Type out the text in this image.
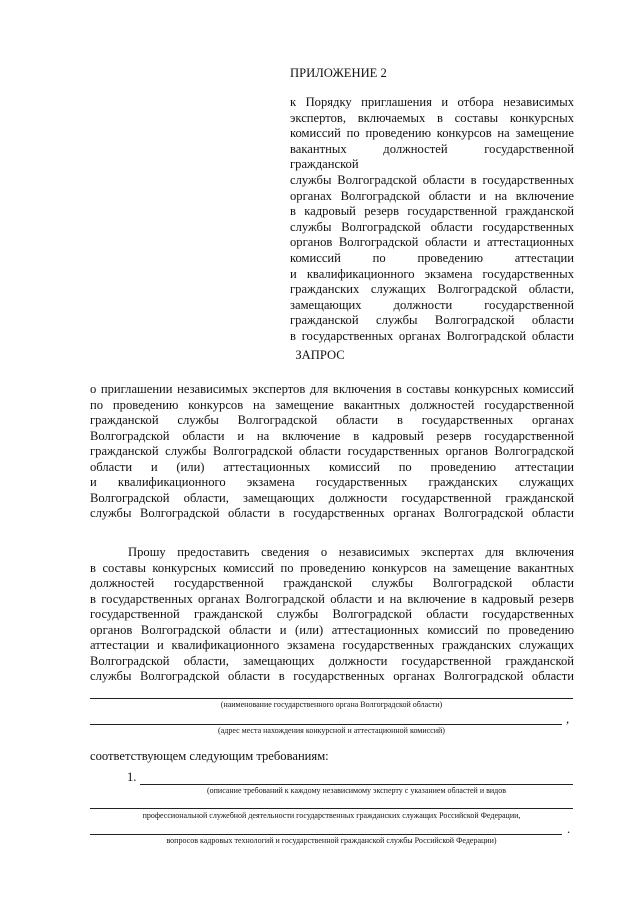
ПРИЛОЖЕНИЕ 2
к Порядку приглашения и отбора независимых
экспертов, включаемых в составы конкурсных
комиссий по проведению конкурсов на замещение
вакантных должностей государственной гражданской
службы Волгоградской области в государственных
органах Волгоградской области и на включение
в кадровый резерв государственной гражданской
службы Волгоградской области государственных
органов Волгоградской области и аттестационных
комиссий по проведению аттестации
и квалификационного экзамена государственных
гражданских служащих Волгоградской области,
замещающих должности государственной
гражданской службы Волгоградской области
в государственных органах Волгоградской области
ЗАПРОС
о приглашении независимых экспертов для включения в составы конкурсных комиссий
по проведению конкурсов на замещение вакантных должностей государственной
гражданской службы Волгоградской области в государственных органах
Волгоградской области и на включение в кадровый резерв государственной
гражданской службы Волгоградской области государственных органов Волгоградской
области и (или) аттестационных комиссий по проведению аттестации
и квалификационного экзамена государственных гражданских служащих
Волгоградской области, замещающих должности государственной гражданской
службы Волгоградской области в государственных органах Волгоградской области
Прошу предоставить сведения о независимых экспертах для включения
в составы конкурсных комиссий по проведению конкурсов на замещение вакантных
должностей государственной гражданской службы Волгоградской области
в государственных органах Волгоградской области и на включение в кадровый резерв
государственной гражданской службы Волгоградской области государственных
органов Волгоградской области и (или) аттестационных комиссий по проведению
аттестации и квалификационного экзамена государственных гражданских служащих
Волгоградской области, замещающих должности государственной гражданской
службы Волгоградской области в государственных органах Волгоградской области
(наименование государственного органа Волгоградской области)
,
(адрес места нахождения конкурсной и аттестационной комиссий)
соответствующем следующим требованиям:
1.
(описание требований к каждому независимому эксперту с указанием областей и видов
профессиональной служебной деятельности государственных гражданских служащих Российской Федерации,
.
вопросов кадровых технологий и государственной гражданской службы Российской Федерации)
